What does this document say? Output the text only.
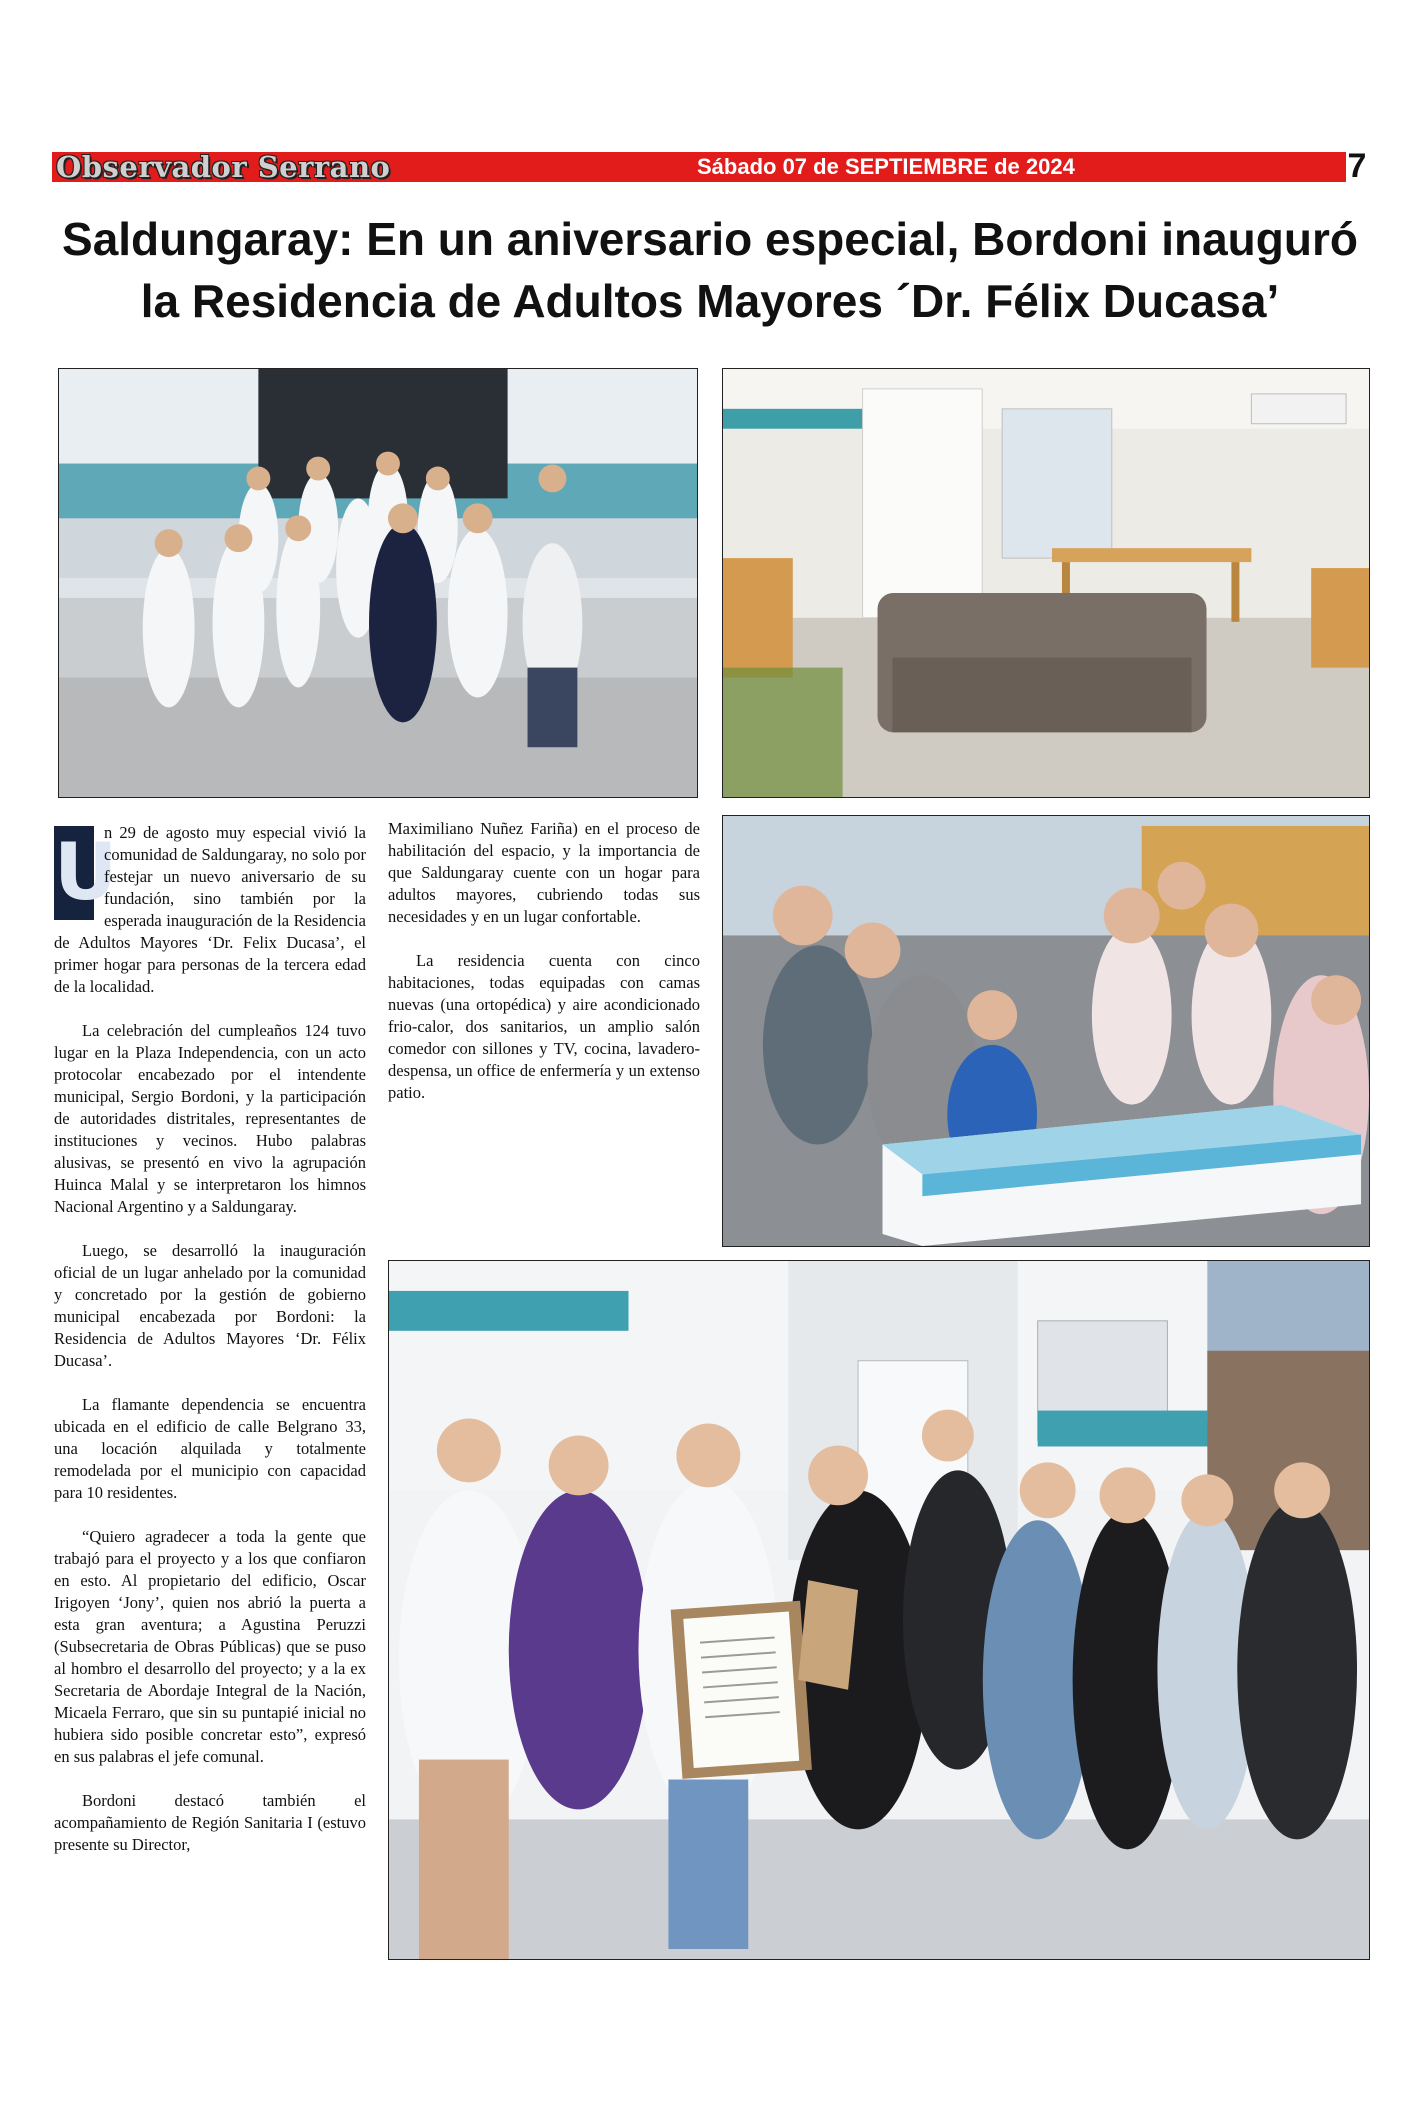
Observador Serrano	Sábado 07 de SEPTIEMBRE de 2024	7
Saldungaray: En un aniversario especial, Bordoni inauguró
la Residencia de Adultos Mayores ´Dr. Félix Ducasa’

U
n 29 de agosto muy especial vivió la comunidad de Saldungaray, no solo por festejar un nuevo aniversario de su fundación, sino también por la esperada inauguración de la Residencia de Adultos Mayores ‘Dr. Felix Ducasa’, el primer hogar para personas de la tercera edad de la localidad.

La celebración del cumpleaños 124 tuvo lugar en la Plaza Independencia, con un acto protocolar encabezado por el intendente municipal, Sergio Bordoni, y la participación de autoridades distritales, representantes de instituciones y vecinos. Hubo palabras alusivas, se presentó en vivo la agrupación Huinca Malal y se interpretaron los himnos Nacional Argentino y a Saldungaray.

Luego, se desarrolló la inauguración oficial de un lugar anhelado por la comunidad y concretado por la gestión de gobierno municipal encabezada por Bordoni: la Residencia de Adultos Mayores ‘Dr. Félix Ducasa’.

La flamante dependencia se encuentra ubicada en el edificio de calle Belgrano 33, una locación alquilada y totalmente remodelada por el municipio con capacidad para 10 residentes.

“Quiero agradecer a toda la gente que trabajó para el proyecto y a los que confiaron en esto. Al propietario del edificio, Oscar Irigoyen ‘Jony’, quien nos abrió la puerta a esta gran aventura; a Agustina Peruzzi (Subsecretaria de Obras Públicas) que se puso al hombro el desarrollo del proyecto; y a la ex Secretaria de Abordaje Integral de la Nación, Micaela Ferraro, que sin su puntapié inicial no hubiera sido posible concretar esto”, expresó en sus palabras el jefe comunal.

Bordoni destacó también el acompañamiento de Región Sanitaria I (estuvo presente su Director,

Maximiliano Nuñez Fariña) en el proceso de habilitación del espacio, y la importancia de que Saldungaray cuente con un hogar para adultos mayores, cubriendo todas sus necesidades y en un lugar confortable.

La residencia cuenta con cinco habitaciones, todas equipadas con camas nuevas (una ortopédica) y aire acondicionado frio-calor, dos sanitarios, un amplio salón comedor con sillones y TV, cocina, lavadero-despensa, un office de enfermería y un extenso patio.
